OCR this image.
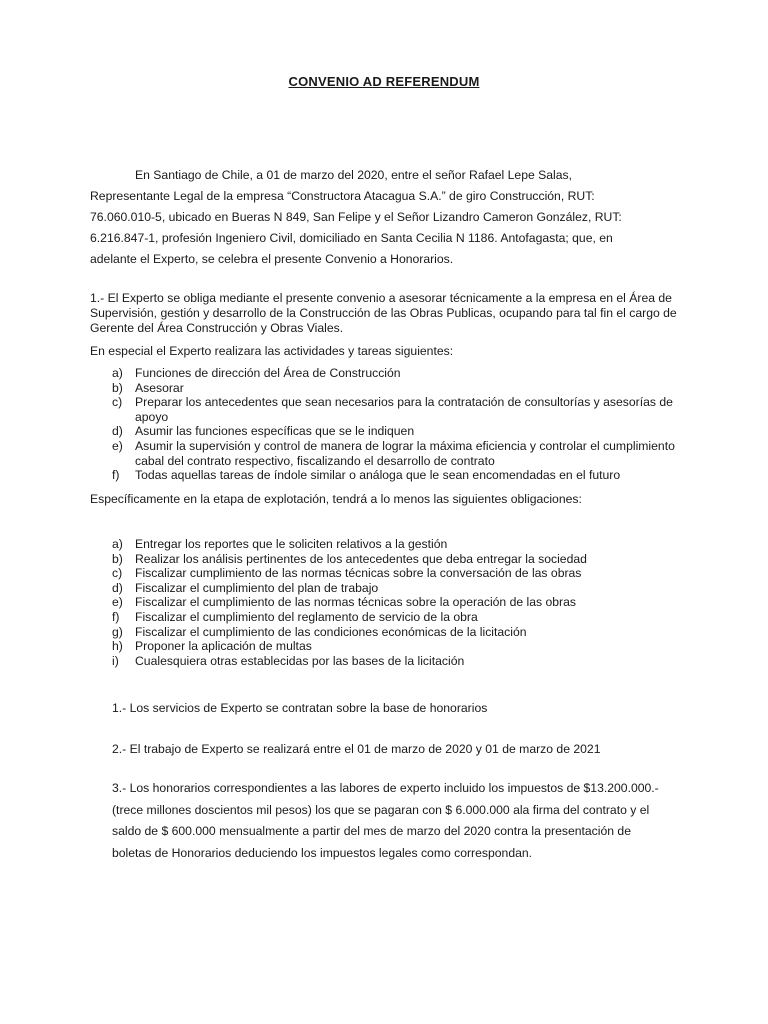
CONVENIO AD REFERENDUM

En Santiago de Chile, a 01 de marzo del 2020, entre el señor Rafael Lepe Salas, Representante Legal de la empresa “Constructora Atacagua S.A.” de giro Construcción, RUT: 76.060.010-5, ubicado en Bueras N 849, San Felipe y el Señor Lizandro Cameron González, RUT: 6.216.847-1, profesión Ingeniero Civil, domiciliado en Santa Cecilia N 1186. Antofagasta; que, en adelante el Experto, se celebra el presente Convenio a Honorarios.

1.- El Experto se obliga mediante el presente convenio a asesorar técnicamente a la empresa en el Área de Supervisión, gestión y desarrollo de la Construcción de las Obras Publicas, ocupando para tal fin el cargo de Gerente del Área Construcción y Obras Viales.

En especial el Experto realizara las actividades y tareas siguientes:

a) Funciones de dirección del Área de Construcción
b) Asesorar
c)	Preparar los antecedentes que sean necesarios para la contratación de consultorías y asesorías de apoyo
d) Asumir las funciones específicas que se le indiquen
e) Asumir la supervisión y control de manera de lograr la máxima eficiencia y controlar el cumplimiento cabal del contrato respectivo, fiscalizando el desarrollo de contrato
f)	Todas aquellas tareas de índole similar o análoga que le sean encomendadas en el futuro

Específicamente en la etapa de explotación, tendrá a lo menos las siguientes obligaciones:

a) Entregar los reportes que le soliciten relativos a la gestión
b) Realizar los análisis pertinentes de los antecedentes que deba entregar la sociedad
c)	Fiscalizar cumplimiento de las normas técnicas sobre la conversación de las obras
d) Fiscalizar el cumplimiento del plan de trabajo
e) Fiscalizar el cumplimiento de las normas técnicas sobre la operación de las obras
f)	Fiscalizar el cumplimiento del reglamento de servicio de la obra
g) Fiscalizar el cumplimiento de las condiciones económicas de la licitación
h) Proponer la aplicación de multas
i)	Cualesquiera otras establecidas por las bases de la licitación

1.- Los servicios de Experto se contratan sobre la base de honorarios

2.- El trabajo de Experto se realizará entre el 01 de marzo de 2020 y 01 de marzo de 2021

3.- Los honorarios correspondientes a las labores de experto incluido los impuestos de $13.200.000.- (trece millones doscientos mil pesos) los que se pagaran con $ 6.000.000 ala firma del contrato y el saldo de $ 600.000 mensualmente a partir del mes de marzo del 2020 contra la presentación de boletas de Honorarios deduciendo los impuestos legales como correspondan.
